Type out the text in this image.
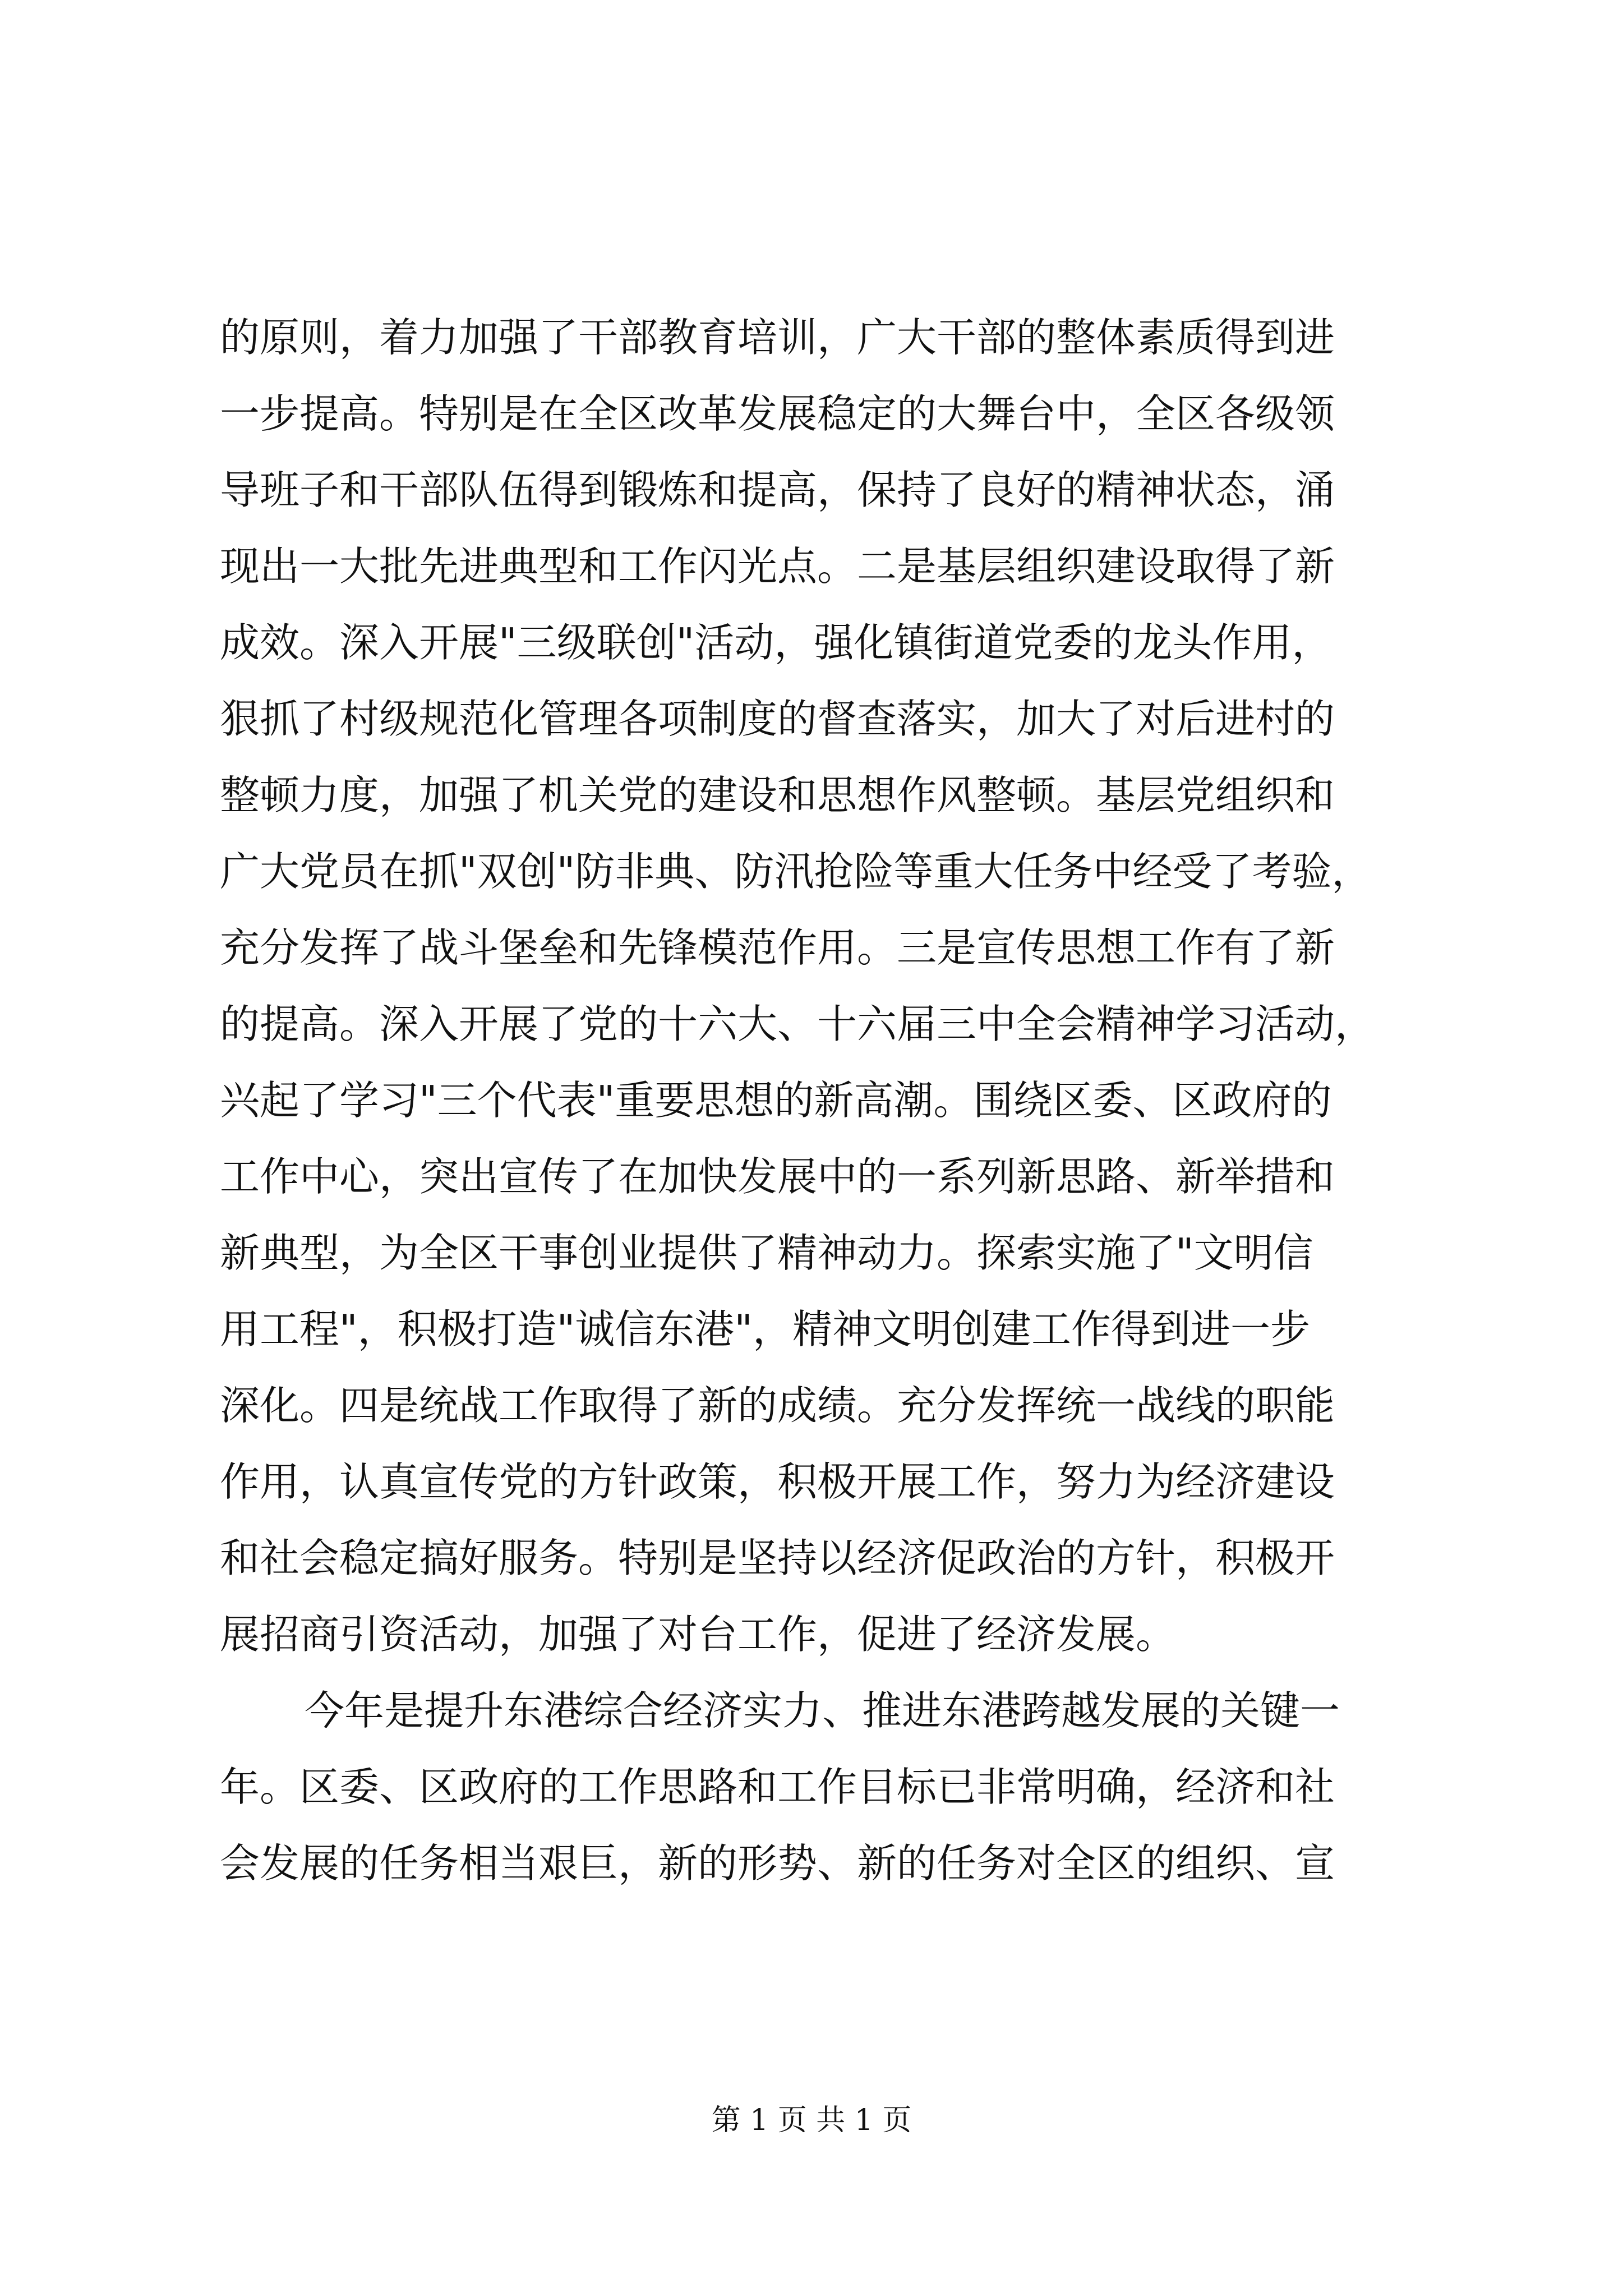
的原则，着力加强了干部教育培训，广大干部的整体素质得到进
一步提高。特别是在全区改革发展稳定的大舞台中，全区各级领
导班子和干部队伍得到锻炼和提高，保持了良好的精神状态，涌
现出一大批先进典型和工作闪光点。二是基层组织建设取得了新
成效。深入开展"三级联创"活动，强化镇街道党委的龙头作用，
狠抓了村级规范化管理各项制度的督查落实，加大了对后进村的
整顿力度，加强了机关党的建设和思想作风整顿。基层党组织和
广大党员在抓"双创"防非典、防汛抢险等重大任务中经受了考验，
充分发挥了战斗堡垒和先锋模范作用。三是宣传思想工作有了新
的提高。深入开展了党的十六大、十六届三中全会精神学习活动，
兴起了学习"三个代表"重要思想的新高潮。围绕区委、区政府的
工作中心，突出宣传了在加快发展中的一系列新思路、新举措和
新典型，为全区干事创业提供了精神动力。探索实施了"文明信
用工程"，积极打造"诚信东港"，精神文明创建工作得到进一步
深化。四是统战工作取得了新的成绩。充分发挥统一战线的职能
作用，认真宣传党的方针政策，积极开展工作，努力为经济建设
和社会稳定搞好服务。特别是坚持以经济促政治的方针，积极开
展招商引资活动，加强了对台工作，促进了经济发展。
今年是提升东港综合经济实力、推进东港跨越发展的关键一
年。区委、区政府的工作思路和工作目标已非常明确，经济和社
会发展的任务相当艰巨，新的形势、新的任务对全区的组织、宣
第 1 页 共 1 页
